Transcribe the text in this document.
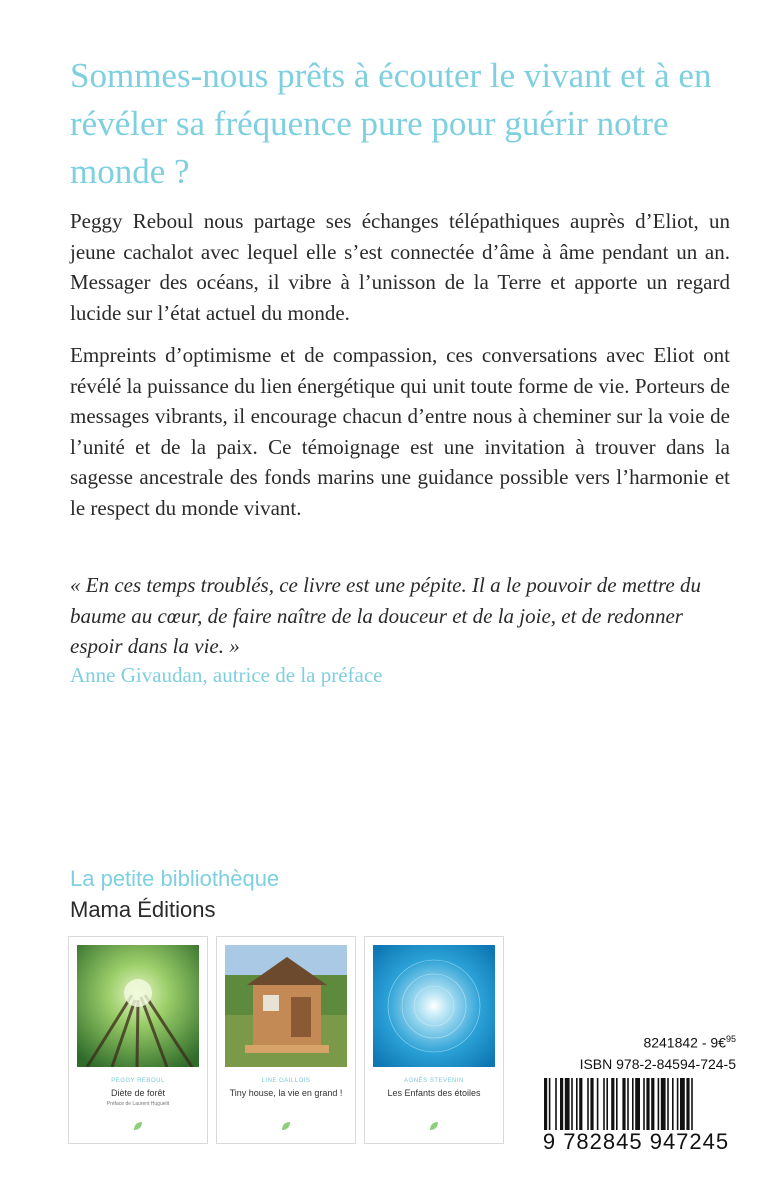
Sommes-nous prêts à écouter le vivant et à en révéler sa fréquence pure pour guérir notre monde ?

Peggy Reboul nous partage ses échanges télépathiques auprès d’Eliot, un jeune cachalot avec lequel elle s’est connectée d’âme à âme pendant un an. Messager des océans, il vibre à l’unisson de la Terre et apporte un regard lucide sur l’état actuel du monde.

Empreints d’optimisme et de compassion, ces conversations avec Eliot ont révélé la puissance du lien énergétique qui unit toute forme de vie. Porteurs de messages vibrants, il encourage chacun d’entre nous à cheminer sur la voie de l’unité et de la paix. Ce témoignage est une invitation à trouver dans la sagesse ancestrale des fonds marins une guidance possible vers l’harmonie et le respect du monde vivant.

« En ces temps troublés, ce livre est une pépite. Il a le pouvoir de mettre du baume au cœur, de faire naître de la douceur et de la joie, et de redonner espoir dans la vie. »

Anne Givaudan, autrice de la préface
La petite bibliothèque
Mama Éditions
PEGGY REBOUL
Diète de forêt
Préface de Laurent Huguelit
LINE GAILLOIS
Tiny house, la vie en grand !
AGNÈS STEVENIN
Les Enfants des étoiles
8241842 - 9€$^{95}$
ISBN 978-2-84594-724-5
9 782845 947245
